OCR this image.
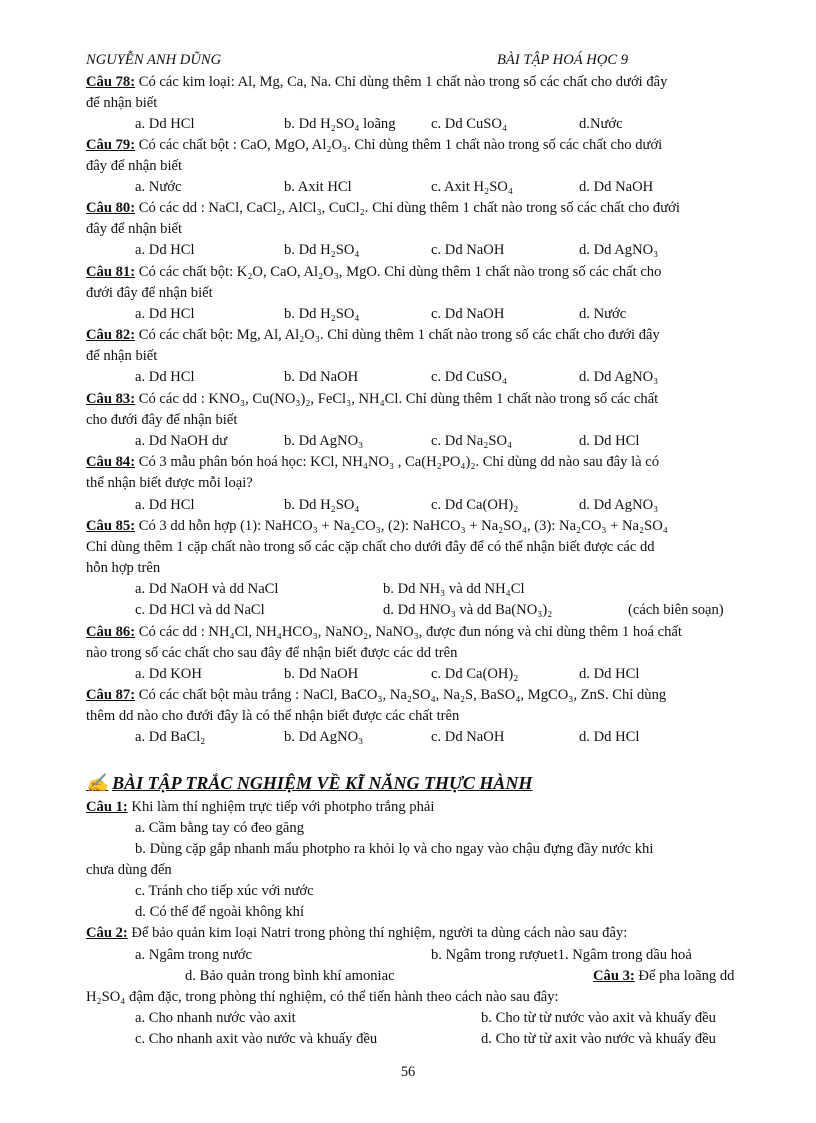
NGUYỄN ANH DŨNG	BÀI TẬP HOÁ HỌC 9
Câu 78: Có các kim loại: Al, Mg, Ca, Na. Chỉ dùng thêm 1 chất nào trong số các chất cho dưới đây
để nhận biết
a. Dd HCl	b. Dd H₂SO₄ loãng c. Dd CuSO₄	d.Nước
Câu 79: Có các chất bột : CaO, MgO, Al₂O₃. Chỉ dùng thêm 1 chất nào trong số các chất cho dưới
đây để nhận biết
a. Nước	b. Axit HCl	c. Axit H₂SO₄	d. Dd NaOH
Câu 80: Có các dd : NaCl, CaCl₂, AlCl₃, CuCl₂. Chỉ dùng thêm 1 chất nào trong số các chất cho đưới
đây để nhận biết
a. Dd HCl	b. Dd H₂SO₄	c. Dd NaOH	d. Dd AgNO₃
Câu 81: Có các chất bột: K₂O, CaO, Al₂O₃, MgO. Chỉ dùng thêm 1 chất nào trong số các chất cho
đưới đây để nhận biết
a. Dd HCl	b. Dd H₂SO₄	c. Dd NaOH	d. Nước
Câu 82: Có các chất bột: Mg, Al, Al₂O₃. Chỉ dùng thêm 1 chất nào trong số các chất cho đưới đây
để nhận biết
a. Dd HCl	b. Dd NaOH	c. Dd CuSO₄	d. Dd AgNO₃
Câu 83: Có các dd : KNO₃, Cu(NO₃)₂, FeCl₃, NH₄Cl. Chỉ dùng thêm 1 chất nào trong số các chất
cho đưới đây để nhận biết
a. Dd NaOH dư	b. Dd AgNO₃	c. Dd Na₂SO₄	d. Dd HCl
Câu 84: Có 3 mẫu phân bón hoá học: KCl, NH₄NO₃ , Ca(H₂PO₄)₂. Chỉ dùng dd nào sau đây là có
thể nhận biết được mỗi loại?
a. Dd HCl	b. Dd H₂SO₄	c. Dd Ca(OH)₂	d. Dd AgNO₃
Câu 85: Có 3 dd hỗn hợp (1): NaHCO₃ + Na₂CO₃, (2): NaHCO₃ + Na₂SO₄, (3): Na₂CO₃ + Na₂SO₄
Chỉ dùng thêm 1 cặp chất nào trong số các cặp chất cho dưới đây để có thể nhận biết được các dd
hỗn hợp trên
a. Dd NaOH và dd NaCl	b. Dd NH₃ và dd NH₄Cl
c. Dd HCl và dd NaCl	d. Dd HNO₃ và dd Ba(NO₃)₂	(cách biên soạn)
Câu 86: Có các dd : NH₄Cl, NH₄HCO₃, NaNO₂, NaNO₃, được đun nóng và chỉ dùng thêm 1 hoá chất
nào trong số các chất cho sau đây để nhận biết được các dd trên
a. Dd KOH	b. Dd NaOH	c. Dd Ca(OH)₂	d. Dd HCl
Câu 87: Có các chất bột màu trắng : NaCl, BaCO₃, Na₂SO₄, Na₂S, BaSO₄, MgCO₃, ZnS. Chỉ dùng
thêm dd nào cho đưới đây là có thể nhận biết được các chất trên
a. Dd BaCl₂	b. Dd AgNO₃	c. Dd NaOH	d. Dd HCl
✍ BÀI TẬP TRẮC NGHIỆM VỀ KĨ NĂNG THỰC HÀNH
Câu 1: Khi làm thí nghiệm trực tiếp với photpho trắng phải
a. Cầm bằng tay có đeo găng
b. Dùng cặp gắp nhanh mẩu photpho ra khỏi lọ và cho ngay vào chậu đựng đầy nước khi
chưa dùng đến
c. Tránh cho tiếp xúc với nước
d. Có thể để ngoài không khí
Câu 2: Để bảo quản kim loại Natri trong phòng thí nghiệm, người ta dùng cách nào sau đây:
a. Ngâm trong nước	b. Ngâm trong rượuet1. Ngâm trong dầu hoả
d. Bảo quản trong bình khí amoniac	Câu 3: Để pha loãng dd
H₂SO₄ đậm đặc, trong phòng thí nghiệm, có thể tiến hành theo cách nào sau đây:
a. Cho nhanh nước vào axit	b. Cho từ từ nước vào axit và khuấy đều
c. Cho nhanh axit vào nước và khuấy đều	d. Cho từ từ axit vào nước và khuấy đều
56
